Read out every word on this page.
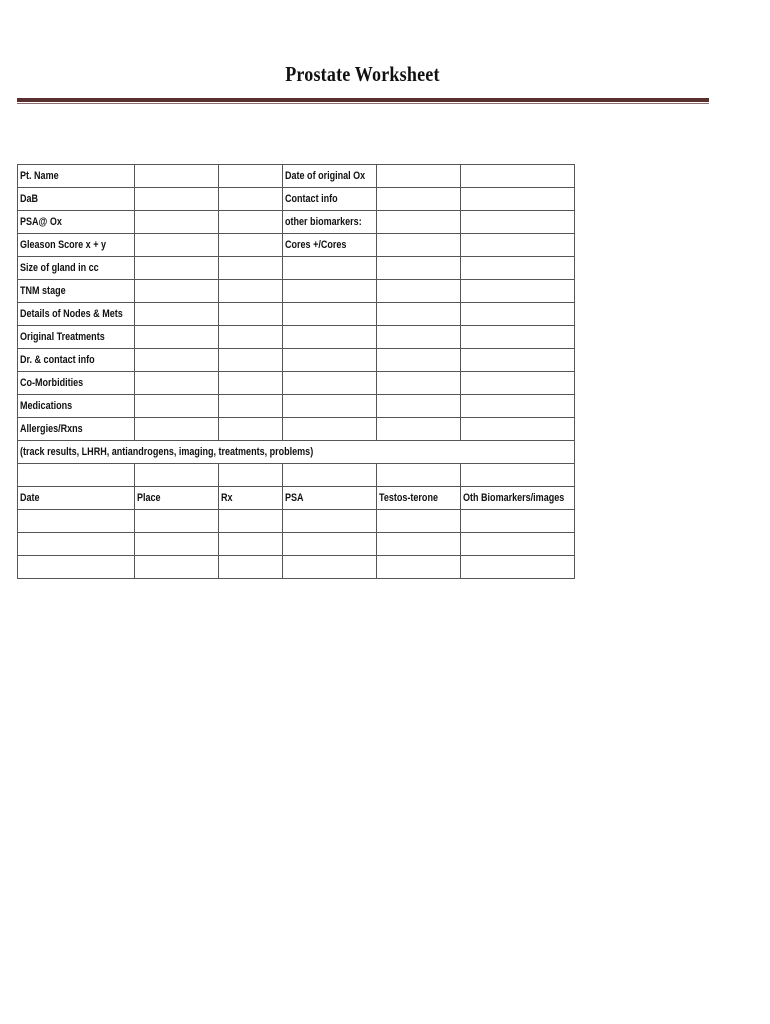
Prostate Worksheet
Pt. Name			Date of original Ox		
DaB			Contact info		
PSA@ Ox			other biomarkers:		
Gleason Score x + y			Cores +/Cores		
Size of gland in cc					
TNM stage					
Details of Nodes & Mets					
Original Treatments					
Dr. & contact info					
Co-Morbidities					
Medications					
Allergies/Rxns					
(track results, LHRH, antiandrogens, imaging, treatments, problems)					

Date	Place	Rx	PSA	Testos-terone	Oth Biomarkers/images
